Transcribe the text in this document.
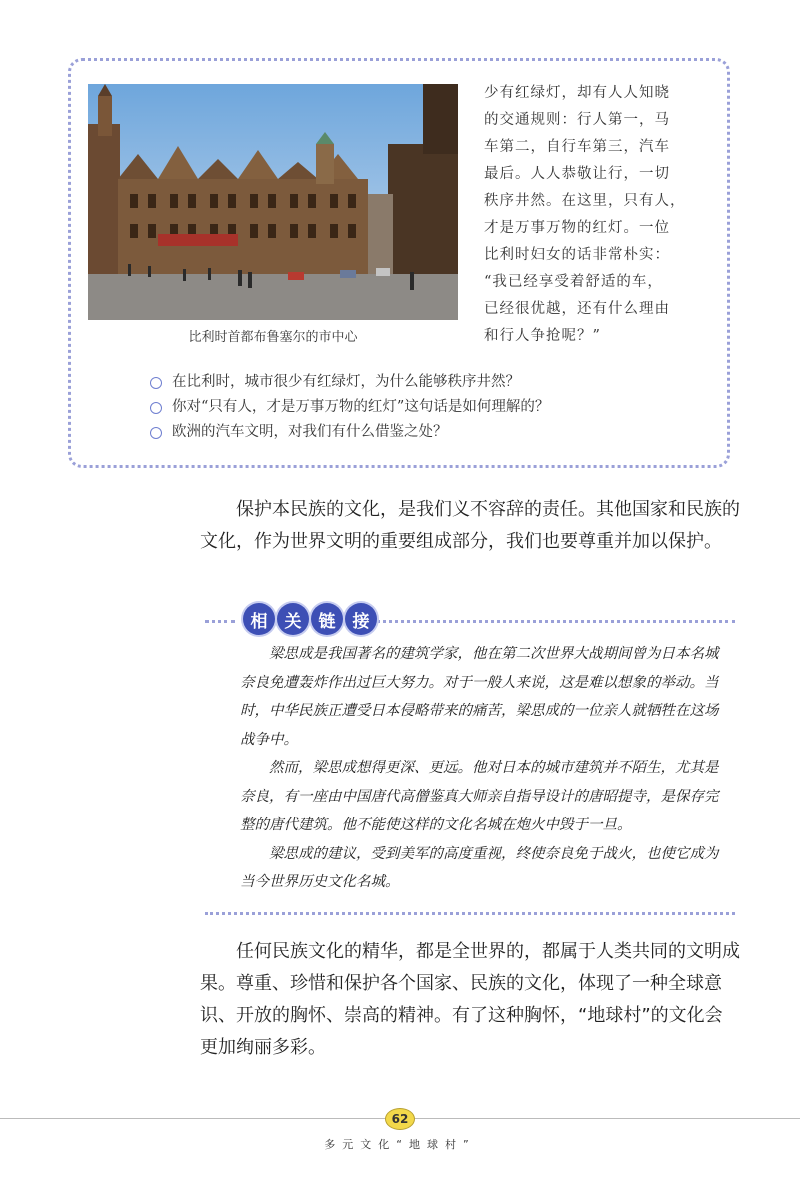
比利时首都布鲁塞尔的市中心

少有红绿灯，却有人人知晓

的交通规则：行人第一，马

车第二，自行车第三，汽车

最后。人人恭敬让行，一切

秩序井然。在这里，只有人，

才是万事万物的红灯。一位

比利时妇女的话非常朴实：

“我已经享受着舒适的车，

已经很优越，还有什么理由

和行人争抢呢？”

在比利时，城市很少有红绿灯，为什么能够秩序井然？
你对“只有人，才是万事万物的红灯”这句话是如何理解的？
欧洲的汽车文明，对我们有什么借鉴之处？

保护本民族的文化，是我们义不容辞的责任。其他国家和民族的文化，作为世界文明的重要组成部分，我们也要尊重并加以保护。

相	关	链	接

梁思成是我国著名的建筑学家，他在第二次世界大战期间曾为日本名城奈良免遭轰炸作出过巨大努力。对于一般人来说，这是难以想象的举动。当时，中华民族正遭受日本侵略带来的痛苦，梁思成的一位亲人就牺牲在这场战争中。

然而，梁思成想得更深、更远。他对日本的城市建筑并不陌生，尤其是奈良，有一座由中国唐代高僧鉴真大师亲自指导设计的唐昭提寺，是保存完整的唐代建筑。他不能使这样的文化名城在炮火中毁于一旦。

梁思成的建议，受到美军的高度重视，终使奈良免于战火，也使它成为当今世界历史文化名城。

任何民族文化的精华，都是全世界的，都属于人类共同的文明成果。尊重、珍惜和保护各个国家、民族的文化，体现了一种全球意识、开放的胸怀、崇高的精神。有了这种胸怀，“地球村”的文化会更加绚丽多彩。

62
多元文化“地球村”
